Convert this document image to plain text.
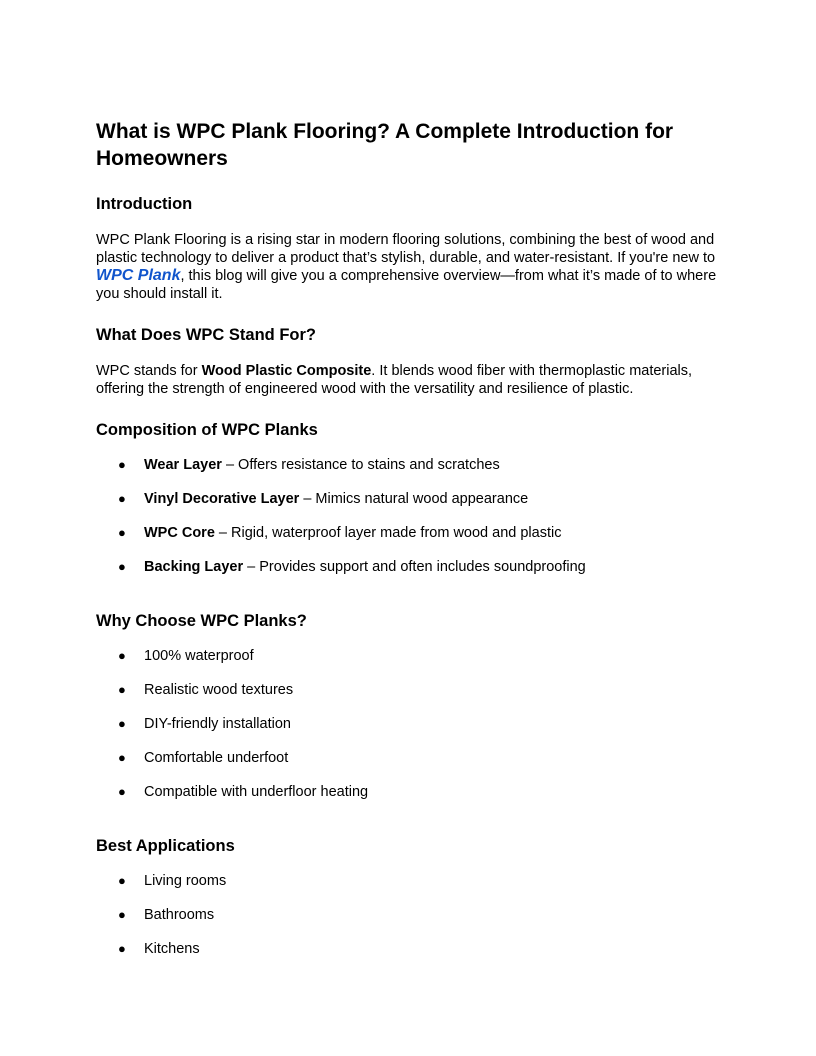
What is WPC Plank Flooring? A Complete Introduction for Homeowners
Introduction

WPC Plank Flooring is a rising star in modern flooring solutions, combining the best of wood and plastic technology to deliver a product that’s stylish, durable, and water-resistant. If you're new to WPC Plank, this blog will give you a comprehensive overview—from what it’s made of to where you should install it.

What Does WPC Stand For?

WPC stands for Wood Plastic Composite. It blends wood fiber with thermoplastic materials, offering the strength of engineered wood with the versatility and resilience of plastic.

Composition of WPC Planks
● Wear Layer – Offers resistance to stains and scratches
● Vinyl Decorative Layer – Mimics natural wood appearance
● WPC Core – Rigid, waterproof layer made from wood and plastic
● Backing Layer – Provides support and often includes soundproofing
Why Choose WPC Planks?
● 100% waterproof
● Realistic wood textures
● DIY-friendly installation
● Comfortable underfoot
● Compatible with underfloor heating
Best Applications
● Living rooms
● Bathrooms
● Kitchens
